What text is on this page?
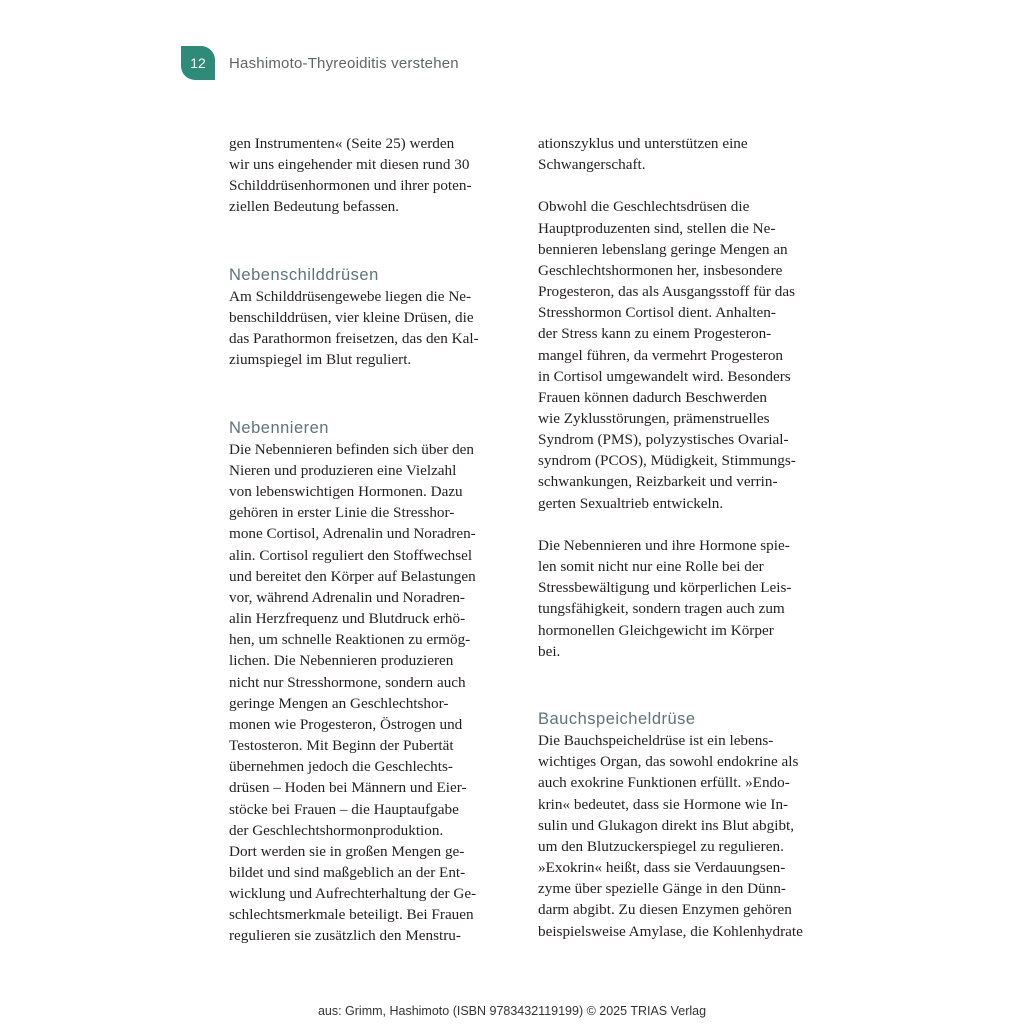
12	Hashimoto-Thyreoiditis verstehen
gen Instrumenten« (Seite 25) werden
wir uns eingehender mit diesen rund 30
Schilddrüsenhormonen und ihrer poten-
ziellen Bedeutung befassen.
Nebenschilddrüsen
Am Schilddrüsengewebe liegen die Ne-
benschilddrüsen, vier kleine Drüsen, die
das Parathormon freisetzen, das den Kal-
ziumspiegel im Blut reguliert.
Nebennieren
Die Nebennieren befinden sich über den
Nieren und produzieren eine Vielzahl
von lebenswichtigen Hormonen. Dazu
gehören in erster Linie die Stresshor-
mone Cortisol, Adrenalin und Noradren-
alin. Cortisol reguliert den Stoffwechsel
und bereitet den Körper auf Belastungen
vor, während Adrenalin und Noradren-
alin Herzfrequenz und Blutdruck erhö-
hen, um schnelle Reaktionen zu ermög-
lichen. Die Nebennieren produzieren
nicht nur Stresshormone, sondern auch
geringe Mengen an Geschlechtshor-
monen wie Progesteron, Östrogen und
Testosteron. Mit Beginn der Pubertät
übernehmen jedoch die Geschlechts-
drüsen – Hoden bei Männern und Eier-
stöcke bei Frauen – die Hauptaufgabe
der Geschlechtshormonproduktion.
Dort werden sie in großen Mengen ge-
bildet und sind maßgeblich an der Ent-
wicklung und Aufrechterhaltung der Ge-
schlechtsmerkmale beteiligt. Bei Frauen
regulieren sie zusätzlich den Menstru-
ationszyklus und unterstützen eine
Schwangerschaft.
Obwohl die Geschlechtsdrüsen die
Hauptproduzenten sind, stellen die Ne-
bennieren lebenslang geringe Mengen an
Geschlechtshormonen her, insbesondere
Progesteron, das als Ausgangsstoff für das
Stresshormon Cortisol dient. Anhalten-
der Stress kann zu einem Progesteron-
mangel führen, da vermehrt Progesteron
in Cortisol umgewandelt wird. Besonders
Frauen können dadurch Beschwerden
wie Zyklusstörungen, prämenstruelles
Syndrom (PMS), polyzystisches Ovarial-
syndrom (PCOS), Müdigkeit, Stimmungs-
schwankungen, Reizbarkeit und verrin-
gerten Sexualtrieb entwickeln.
Die Nebennieren und ihre Hormone spie-
len somit nicht nur eine Rolle bei der
Stressbewältigung und körperlichen Leis-
tungsfähigkeit, sondern tragen auch zum
hormonellen Gleichgewicht im Körper
bei.
Bauchspeicheldrüse
Die Bauchspeicheldrüse ist ein lebens-
wichtiges Organ, das sowohl endokrine als
auch exokrine Funktionen erfüllt. »Endo-
krin« bedeutet, dass sie Hormone wie In-
sulin und Glukagon direkt ins Blut abgibt,
um den Blutzuckerspiegel zu regulieren.
»Exokrin« heißt, dass sie Verdauungsen-
zyme über spezielle Gänge in den Dünn-
darm abgibt. Zu diesen Enzymen gehören
beispielsweise Amylase, die Kohlenhydrate
aus: Grimm, Hashimoto (ISBN 9783432119199) © 2025 TRIAS Verlag
